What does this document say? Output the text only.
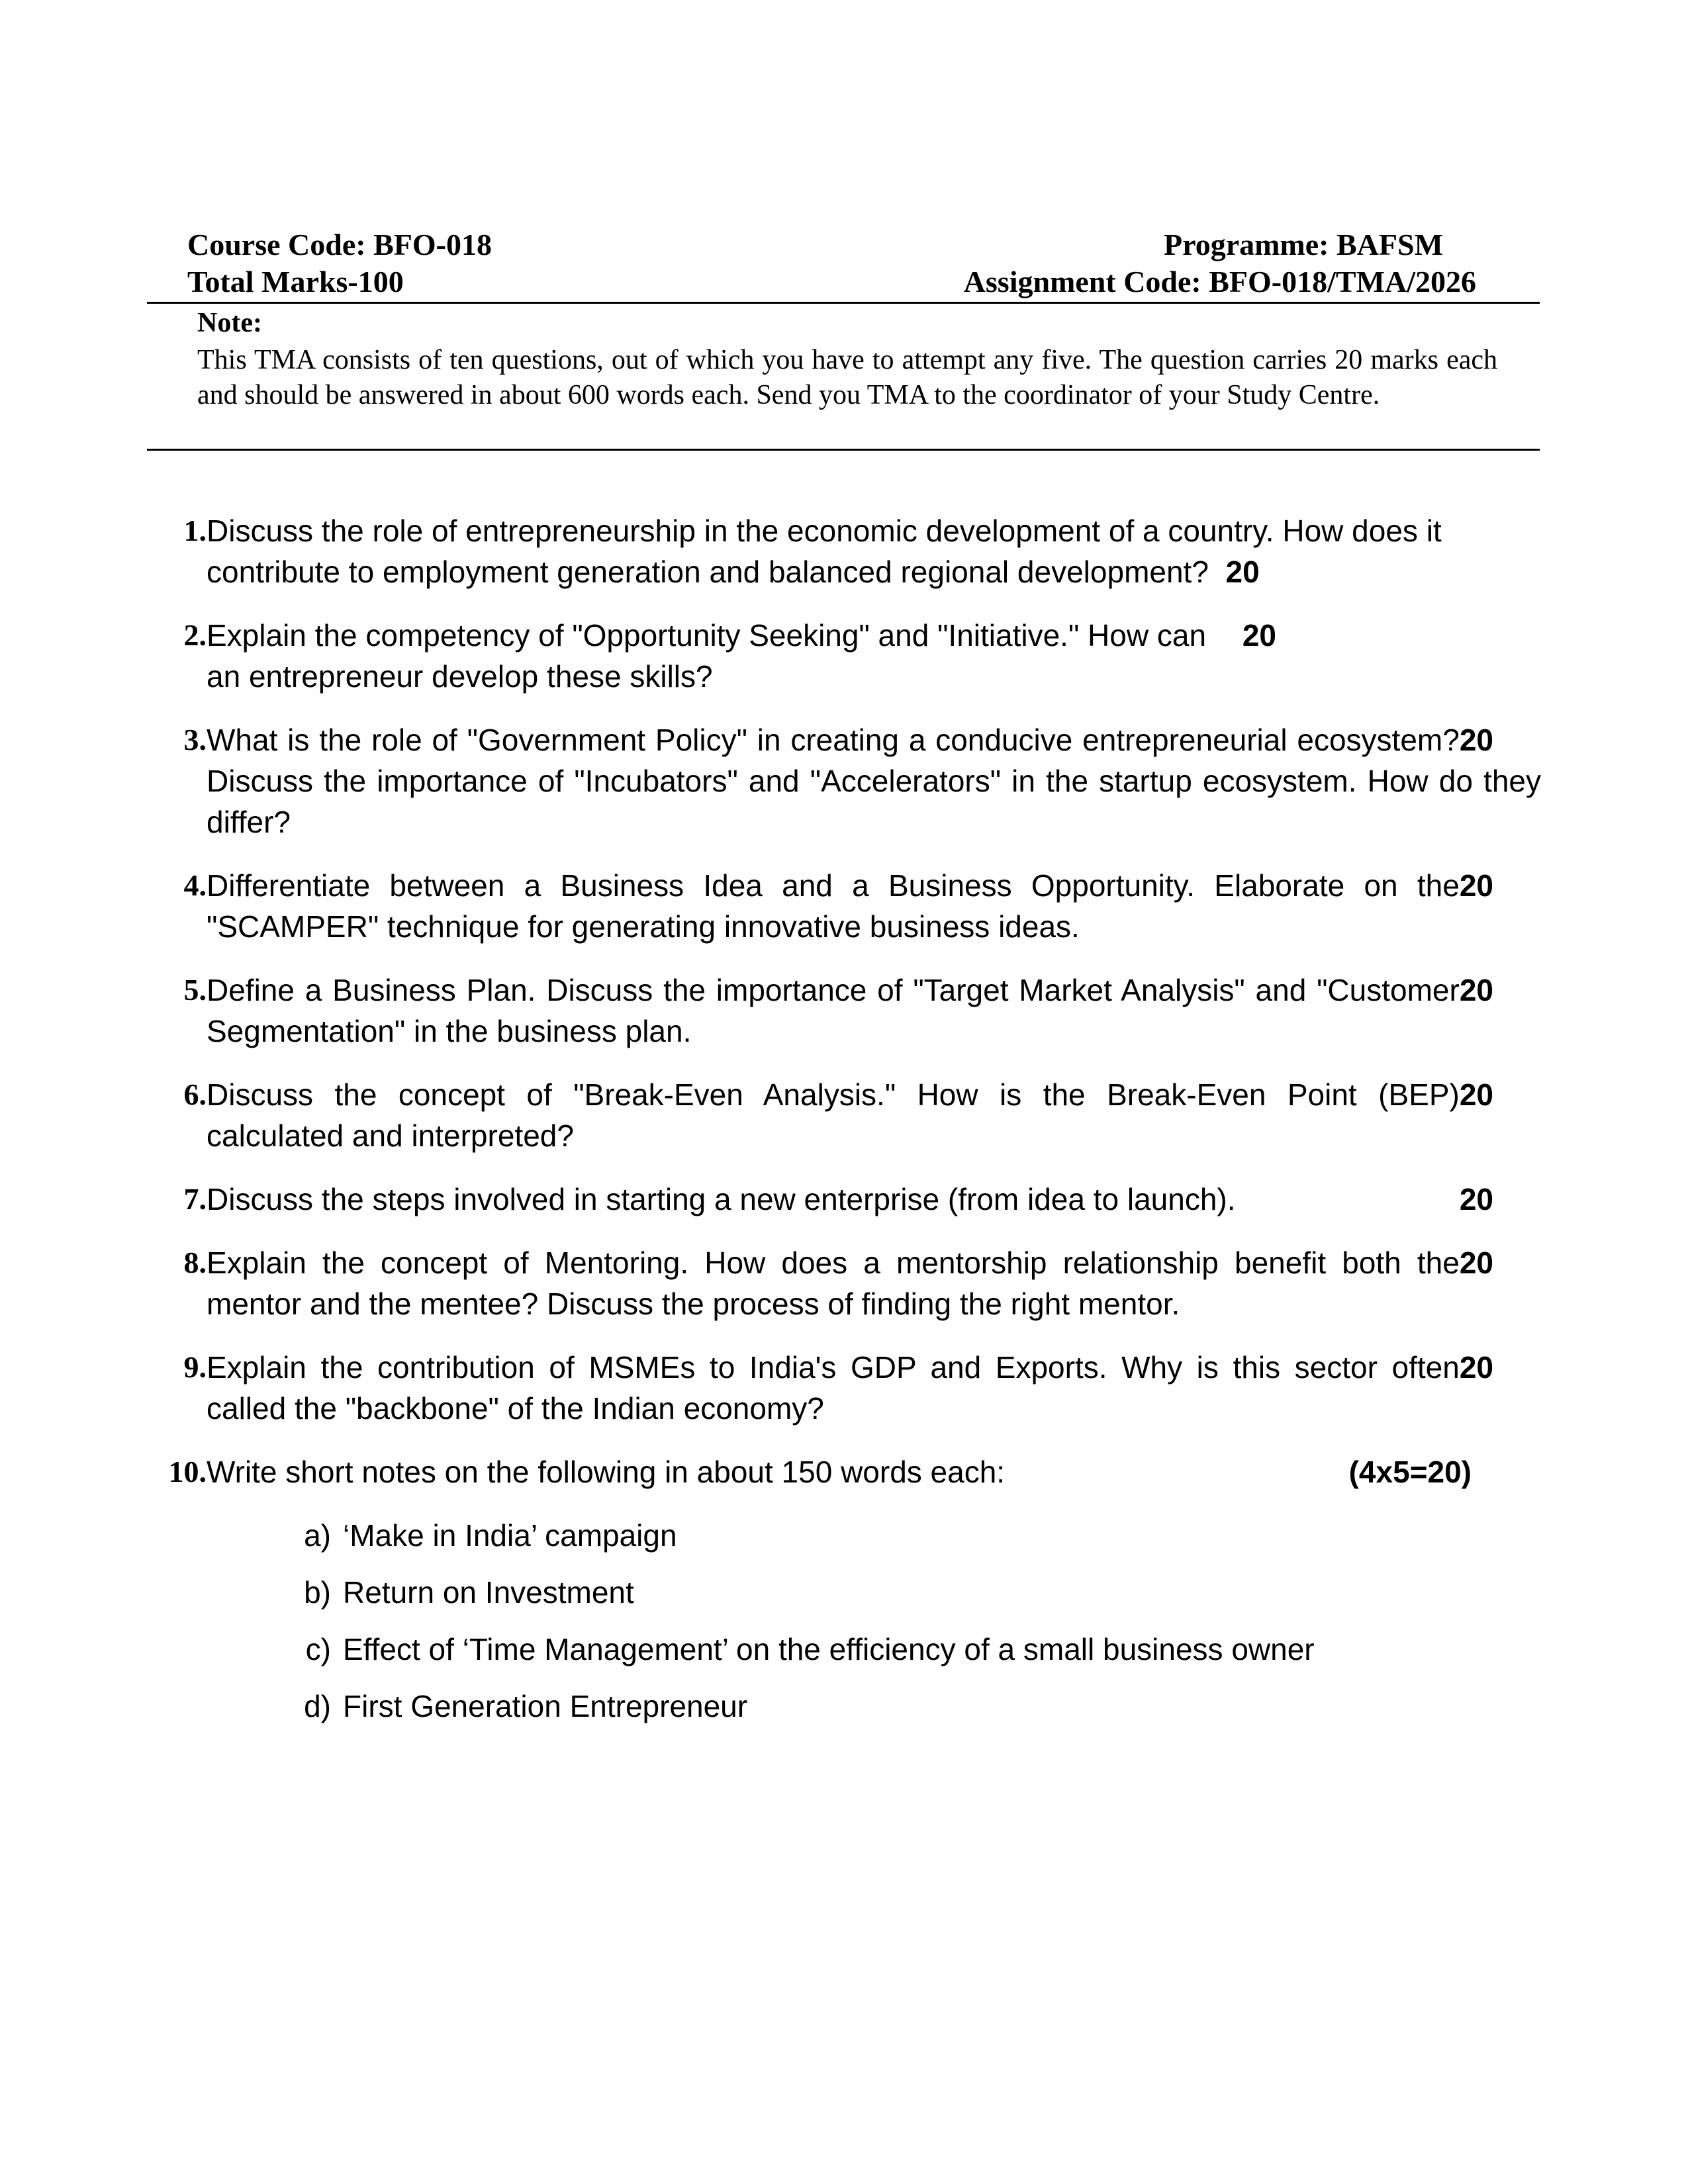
Course Code: BFO-018	Programme: BAFSM
Total Marks-100	Assignment Code: BFO-018/TMA/2026
Note:
This TMA consists of ten questions, out of which you have to attempt any five. The question carries 20 marks each and should be answered in about 600 words each. Send you TMA to the coordinator of your Study Centre.
1. Discuss the role of entrepreneurship in the economic development of a country. How does it contribute to employment generation and balanced regional development? 20
2.	20
Explain the competency of "Opportunity Seeking" and "Initiative." How can an entrepreneur develop these skills?
3.	20
What is the role of "Government Policy" in creating a conducive entrepreneurial ecosystem? Discuss the importance of "Incubators" and "Accelerators" in the startup ecosystem. How do they differ?
4.	20
Differentiate between a Business Idea and a Business Opportunity. Elaborate on the "SCAMPER" technique for generating innovative business ideas.
5.	20
Define a Business Plan. Discuss the importance of "Target Market Analysis" and "Customer Segmentation" in the business plan.
6.	20
Discuss the concept of "Break-Even Analysis." How is the Break-Even Point (BEP) calculated and interpreted?
7.	20
Discuss the steps involved in starting a new enterprise (from idea to launch).
8.	20
Explain the concept of Mentoring. How does a mentorship relationship benefit both the mentor and the mentee? Discuss the process of finding the right mentor.
9.	20
Explain the contribution of MSMEs to India's GDP and Exports. Why is this sector often called the "backbone" of the Indian economy?
10.	(4x5=20)
Write short notes on the following in about 150 words each:
a) ‘Make in India’ campaign
b) Return on Investment
c) Effect of ‘Time Management’ on the efficiency of a small business owner
d) First Generation Entrepreneur
